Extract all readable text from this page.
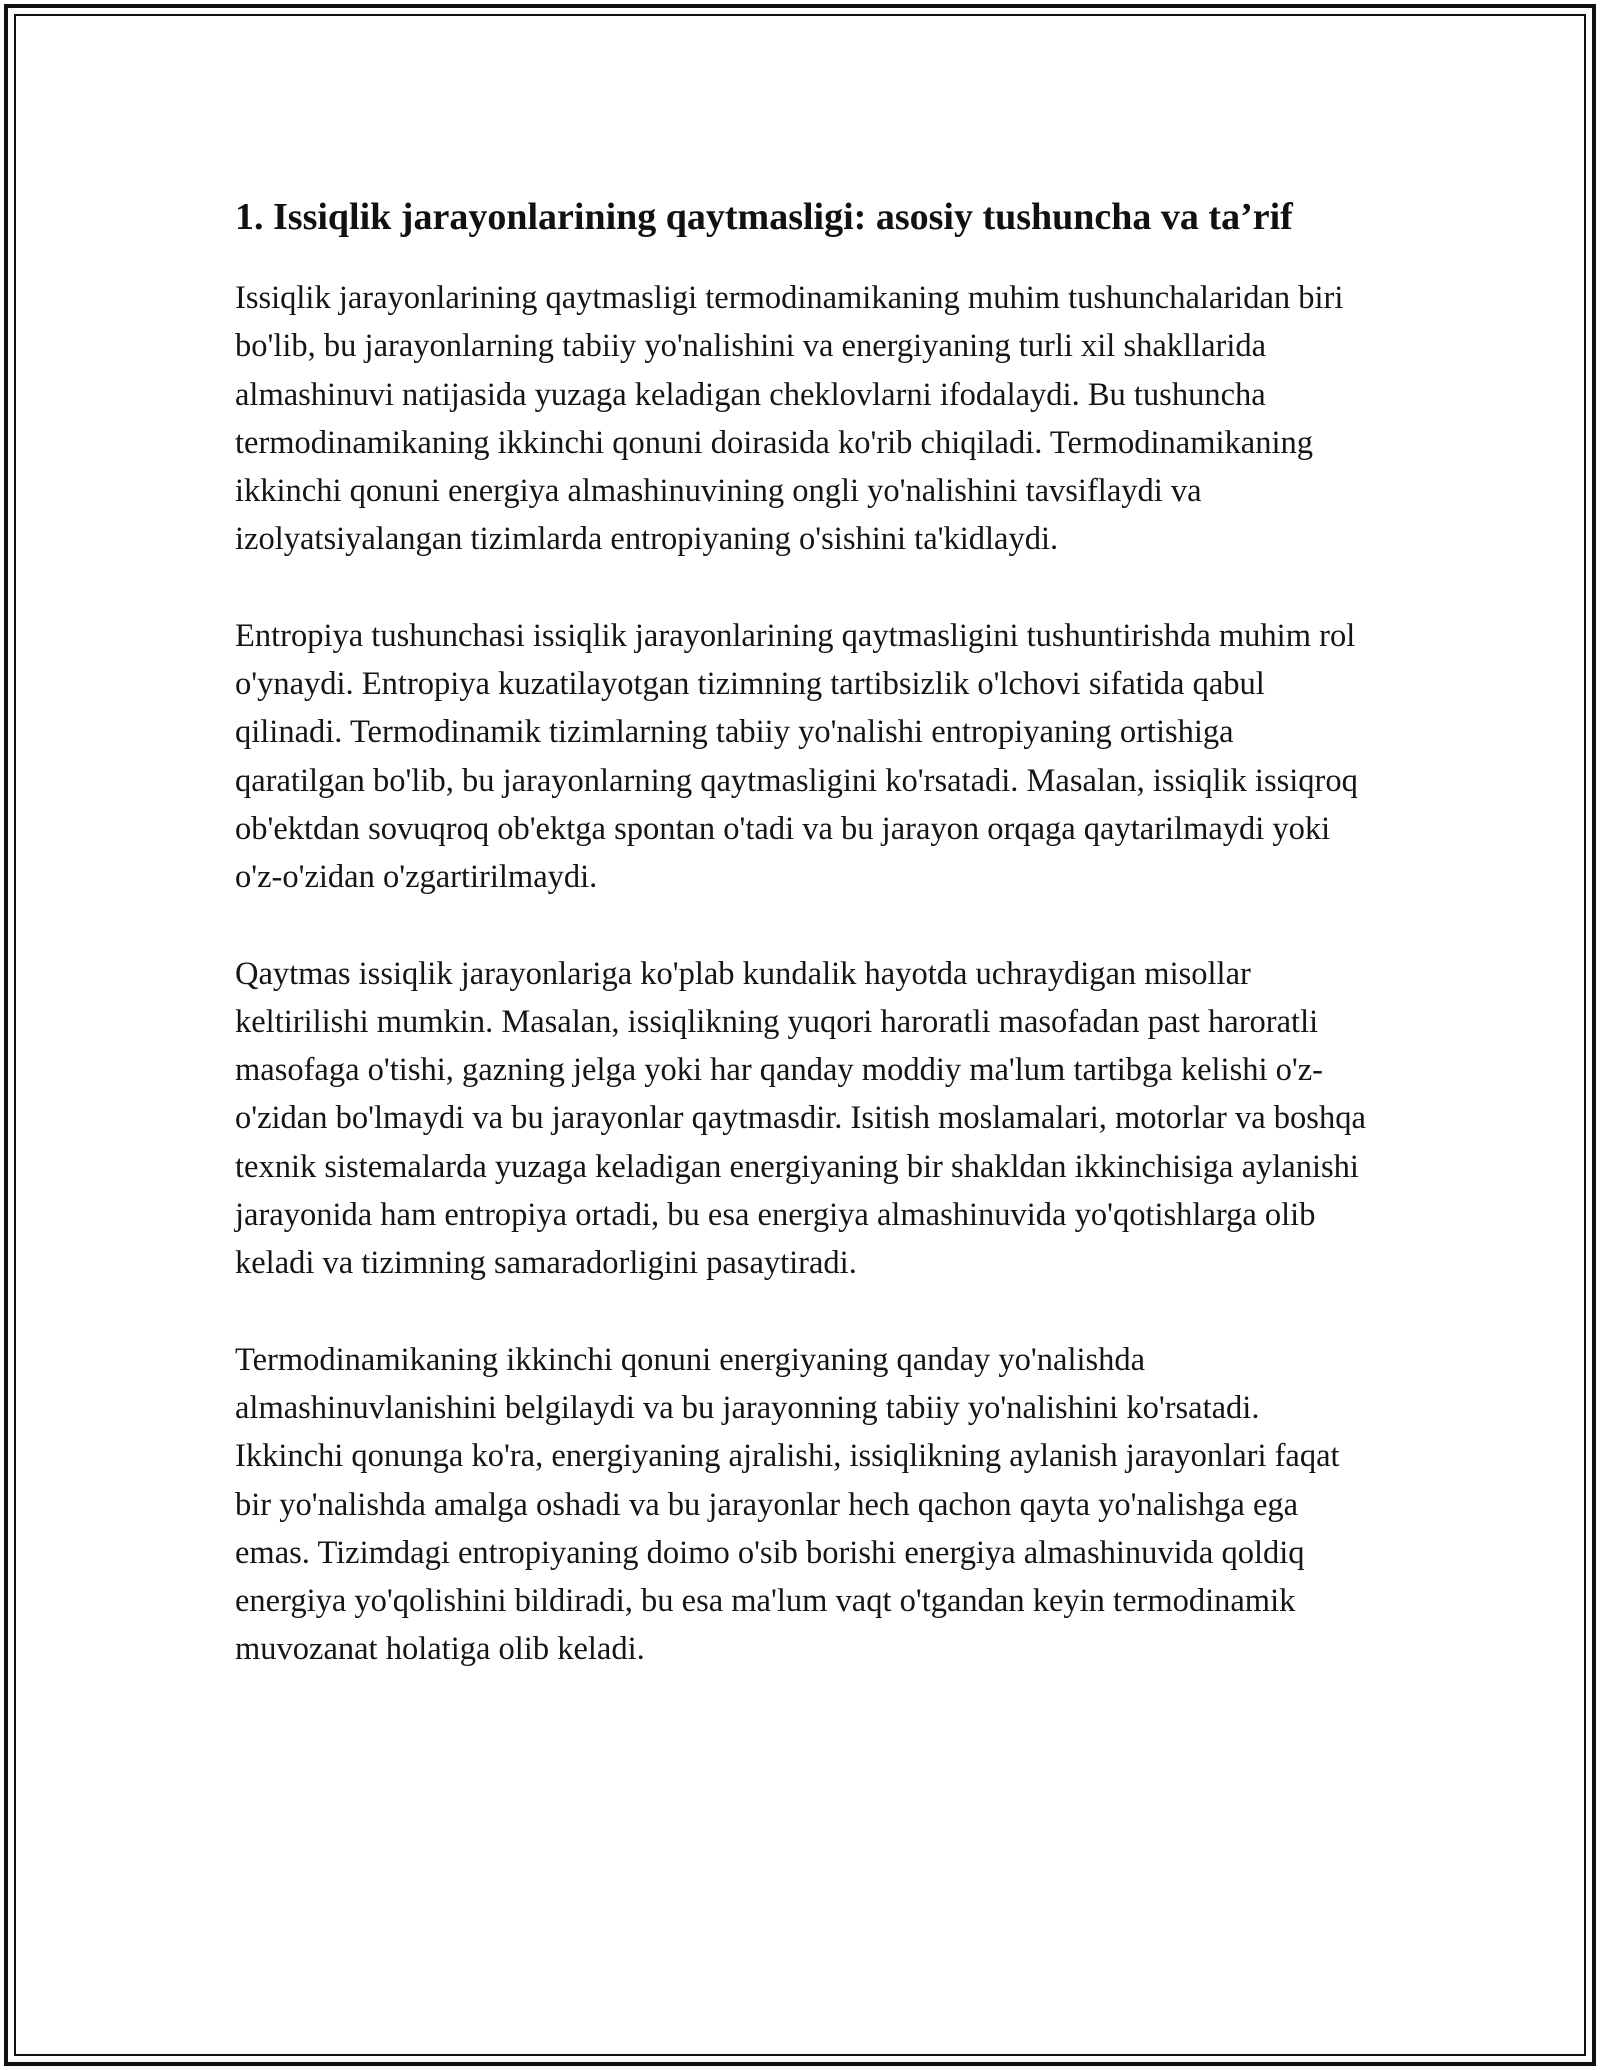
1. Issiqlik jarayonlarining qaytmasligi: asosiy tushuncha va ta’rif

Issiqlik jarayonlarining qaytmasligi termodinamikaning muhim tushunchalaridan biri bo'lib, bu jarayonlarning tabiiy yo'nalishini va energiyaning turli xil shakllarida almashinuvi natijasida yuzaga keladigan cheklovlarni ifodalaydi. Bu tushuncha termodinamikaning ikkinchi qonuni doirasida ko'rib chiqiladi. Termodinamikaning ikkinchi qonuni energiya almashinuvining ongli yo'nalishini tavsiflaydi va izolyatsiyalangan tizimlarda entropiyaning o'sishini ta'kidlaydi.

Entropiya tushunchasi issiqlik jarayonlarining qaytmasligini tushuntirishda muhim rol o'ynaydi. Entropiya kuzatilayotgan tizimning tartibsizlik o'lchovi sifatida qabul qilinadi. Termodinamik tizimlarning tabiiy yo'nalishi entropiyaning ortishiga qaratilgan bo'lib, bu jarayonlarning qaytmasligini ko'rsatadi. Masalan, issiqlik issiqroq ob'ektdan sovuqroq ob'ektga spontan o'tadi va bu jarayon orqaga qaytarilmaydi yoki o'z-o'zidan o'zgartirilmaydi.

Qaytmas issiqlik jarayonlariga ko'plab kundalik hayotda uchraydigan misollar keltirilishi mumkin. Masalan, issiqlikning yuqori haroratli masofadan past haroratli masofaga o'tishi, gazning jelga yoki har qanday moddiy ma'lum tartibga kelishi o'z-o'zidan bo'lmaydi va bu jarayonlar qaytmasdir. Isitish moslamalari, motorlar va boshqa texnik sistemalarda yuzaga keladigan energiyaning bir shakldan ikkinchisiga aylanishi jarayonida ham entropiya ortadi, bu esa energiya almashinuvida yo'qotishlarga olib keladi va tizimning samaradorligini pasaytiradi.

Termodinamikaning ikkinchi qonuni energiyaning qanday yo'nalishda almashinuvlanishini belgilaydi va bu jarayonning tabiiy yo'nalishini ko'rsatadi. Ikkinchi qonunga ko'ra, energiyaning ajralishi, issiqlikning aylanish jarayonlari faqat bir yo'nalishda amalga oshadi va bu jarayonlar hech qachon qayta yo'nalishga ega emas. Tizimdagi entropiyaning doimo o'sib borishi energiya almashinuvida qoldiq energiya yo'qolishini bildiradi, bu esa ma'lum vaqt o'tgandan keyin termodinamik muvozanat holatiga olib keladi.
